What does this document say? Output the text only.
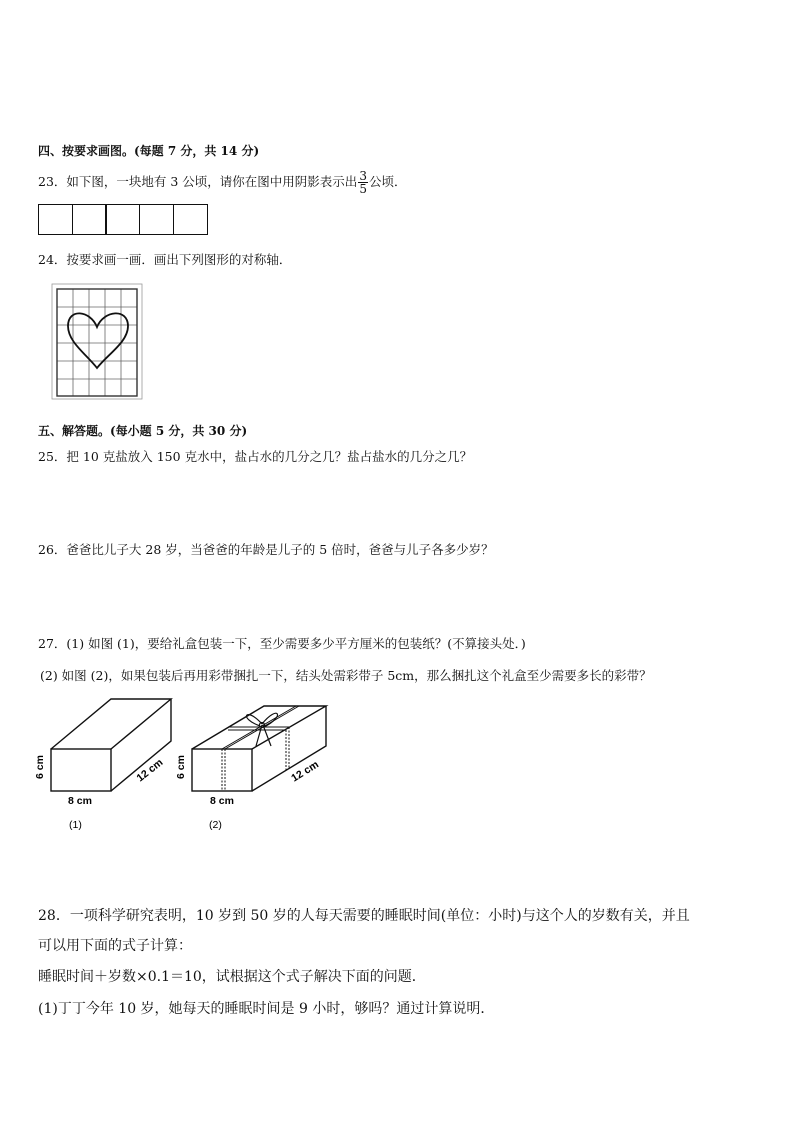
四、按要求画图。(每题 7 分，共 14 分)
23．如下图，一块地有 3 公顷，请你在图中用阴影表示出 $\frac{3}{5}$ 公顷．
24．按要求画一画．画出下列图形的对称轴．
五、解答题。(每小题 5 分，共 30 分)
25．把 10 克盐放入 150 克水中，盐占水的几分之几？盐占盐水的几分之几？
26．爸爸比儿子大 28 岁，当爸爸的年龄是儿子的 5 倍时，爸爸与儿子各多少岁？
27．(1) 如图 (1)，要给礼盒包装一下，至少需要多少平方厘米的包装纸？(不算接头处．)
(2) 如图 (2)，如果包装后再用彩带捆扎一下，结头处需彩带子 5cm，那么捆扎这个礼盒至少需要多长的彩带？
6 cm
8 cm
12 cm
(1)
6 cm
8 cm
12 cm
(2)
28．一项科学研究表明，10 岁到 50 岁的人每天需要的睡眠时间(单位：小时)与这个人的岁数有关，并且
可以用下面的式子计算：
睡眠时间＋岁数×0.1＝10，试根据这个式子解决下面的问题．
(1)丁丁今年 10 岁，她每天的睡眠时间是 9 小时，够吗？通过计算说明．
